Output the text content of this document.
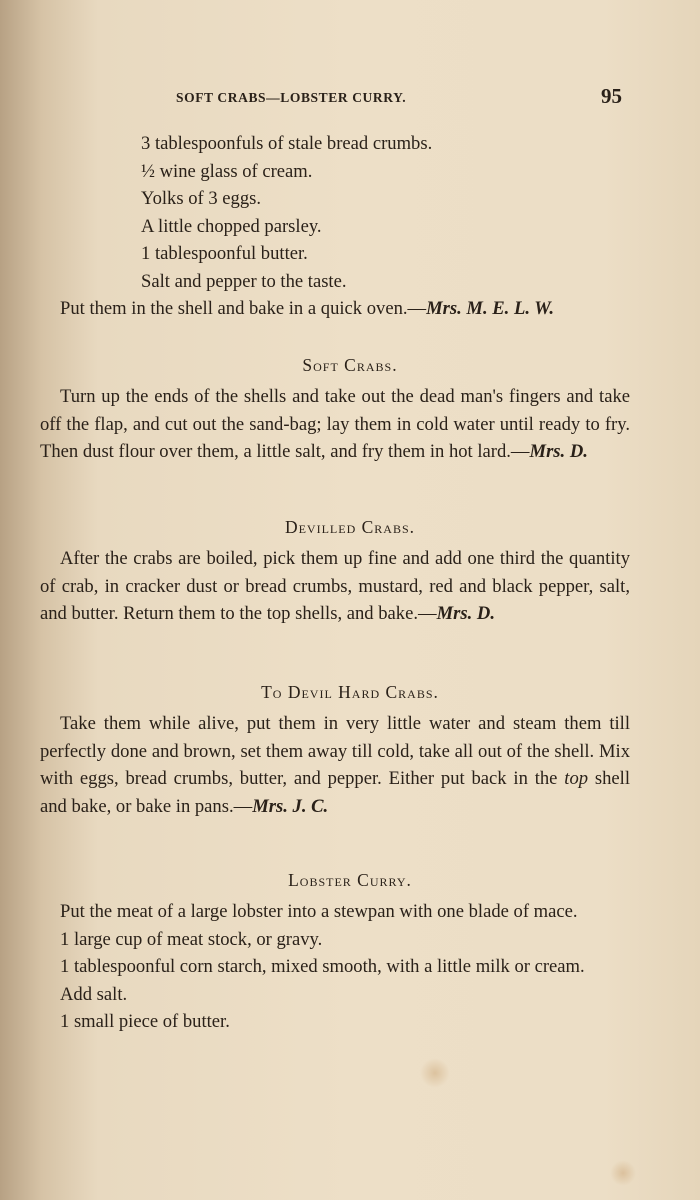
SOFT CRABS—LOBSTER CURRY.	95

3 tablespoonfuls of stale bread crumbs.

½ wine glass of cream.

Yolks of 3 eggs.

A little chopped parsley.

1 tablespoonful butter.

Salt and pepper to the taste.

Put them in the shell and bake in a quick oven.—Mrs. M. E. L. W.

Soft Crabs.

Turn up the ends of the shells and take out the dead man's fingers and take off the flap, and cut out the sand-bag; lay them in cold water until ready to fry. Then dust flour over them, a little salt, and fry them in hot lard.—Mrs. D.

Devilled Crabs.

After the crabs are boiled, pick them up fine and add one third the quantity of crab, in cracker dust or bread crumbs, mustard, red and black pepper, salt, and butter. Return them to the top shells, and bake.—Mrs. D.

To Devil Hard Crabs.

Take them while alive, put them in very little water and steam them till perfectly done and brown, set them away till cold, take all out of the shell. Mix with eggs, bread crumbs, butter, and pepper. Either put back in the top shell and bake, or bake in pans.—Mrs. J. C.

Lobster Curry.

Put the meat of a large lobster into a stewpan with one blade of mace.

1 large cup of meat stock, or gravy.

1 tablespoonful corn starch, mixed smooth, with a little milk or cream.

Add salt.

1 small piece of butter.
